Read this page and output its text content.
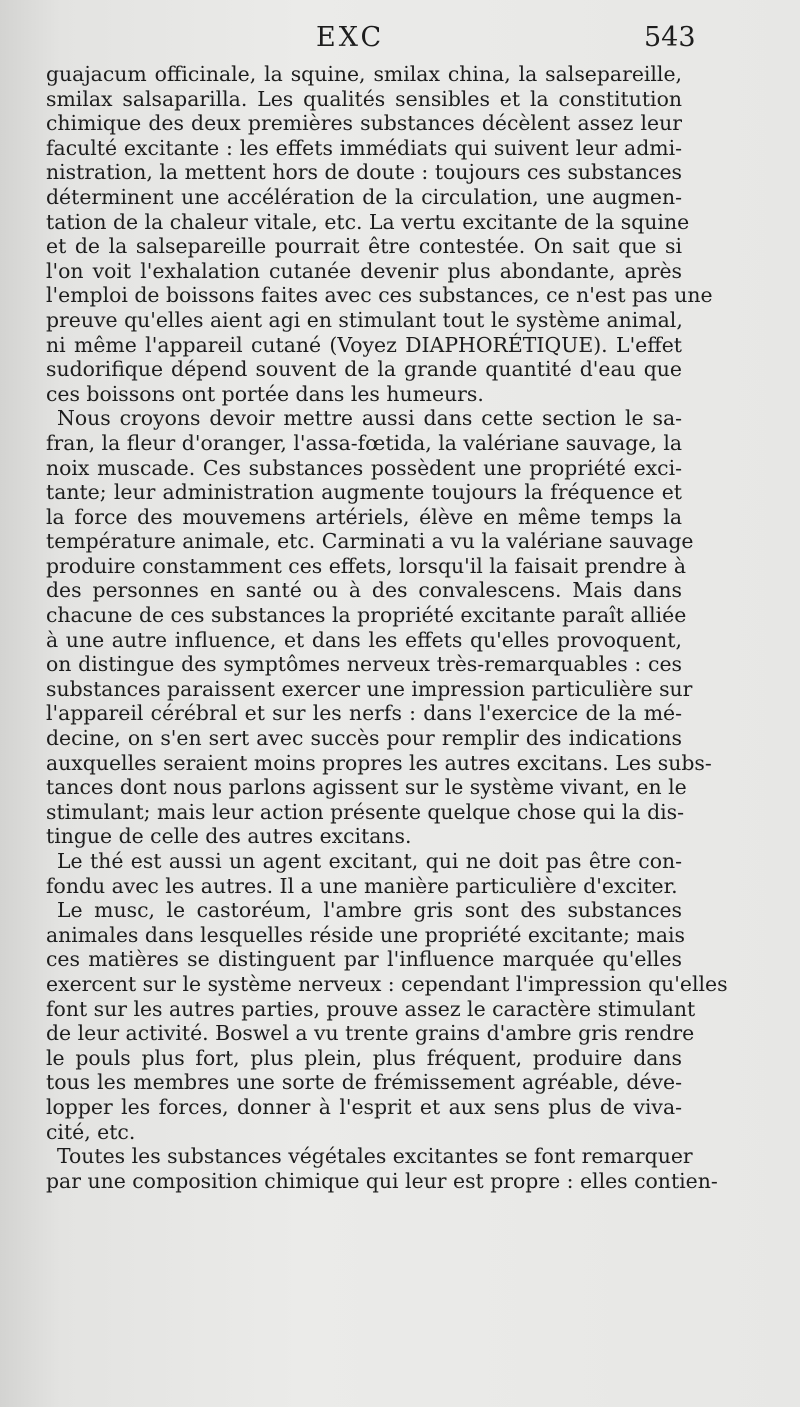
EXC	543
guajacum officinale, la squine, smilax china, la salsepareille,
smilax salsaparilla. Les qualités sensibles et la constitution
chimique des deux premières substances décèlent assez leur
faculté excitante : les effets immédiats qui suivent leur admi-
nistration, la mettent hors de doute : toujours ces substances
déterminent une accélération de la circulation, une augmen-
tation de la chaleur vitale, etc. La vertu excitante de la squine
et de la salsepareille pourrait être contestée. On sait que si
l'on voit l'exhalation cutanée devenir plus abondante, après
l'emploi de boissons faites avec ces substances, ce n'est pas une
preuve qu'elles aient agi en stimulant tout le système animal,
ni même l'appareil cutané (Voyez DIAPHORÉTIQUE). L'effet
sudorifique dépend souvent de la grande quantité d'eau que
ces boissons ont portée dans les humeurs.
Nous croyons devoir mettre aussi dans cette section le sa-
fran, la fleur d'oranger, l'assa-fœtida, la valériane sauvage, la
noix muscade. Ces substances possèdent une propriété exci-
tante; leur administration augmente toujours la fréquence et
la force des mouvemens artériels, élève en même temps la
température animale, etc. Carminati a vu la valériane sauvage
produire constamment ces effets, lorsqu'il la faisait prendre à
des personnes en santé ou à des convalescens. Mais dans
chacune de ces substances la propriété excitante paraît alliée
à une autre influence, et dans les effets qu'elles provoquent,
on distingue des symptômes nerveux très-remarquables : ces
substances paraissent exercer une impression particulière sur
l'appareil cérébral et sur les nerfs : dans l'exercice de la mé-
decine, on s'en sert avec succès pour remplir des indications
auxquelles seraient moins propres les autres excitans. Les subs-
tances dont nous parlons agissent sur le système vivant, en le
stimulant; mais leur action présente quelque chose qui la dis-
tingue de celle des autres excitans.
Le thé est aussi un agent excitant, qui ne doit pas être con-
fondu avec les autres. Il a une manière particulière d'exciter.
Le musc, le castoréum, l'ambre gris sont des substances
animales dans lesquelles réside une propriété excitante; mais
ces matières se distinguent par l'influence marquée qu'elles
exercent sur le système nerveux : cependant l'impression qu'elles
font sur les autres parties, prouve assez le caractère stimulant
de leur activité. Boswel a vu trente grains d'ambre gris rendre
le pouls plus fort, plus plein, plus fréquent, produire dans
tous les membres une sorte de frémissement agréable, déve-
lopper les forces, donner à l'esprit et aux sens plus de viva-
cité, etc.
Toutes les substances végétales excitantes se font remarquer
par une composition chimique qui leur est propre : elles contien-
